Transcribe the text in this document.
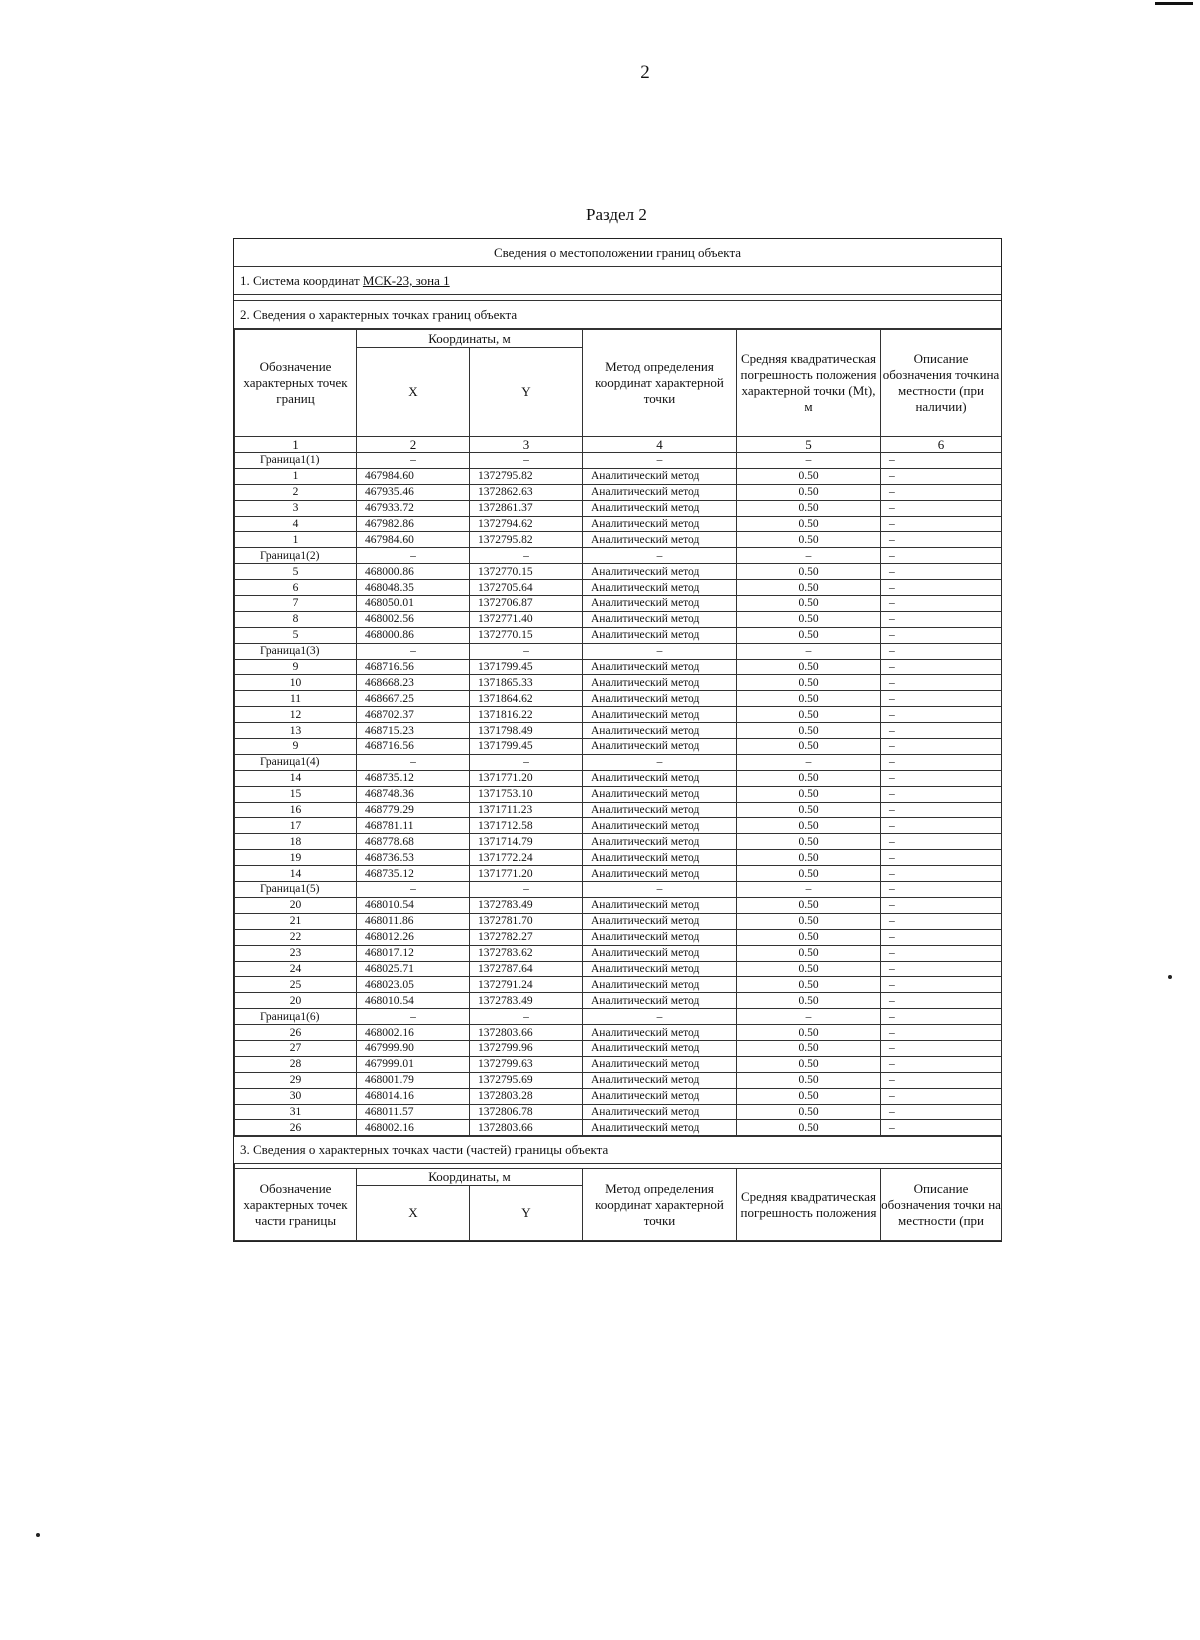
2
Раздел 2
Сведения о местоположении границ объекта
1. Система координат МСК-23, зона 1
2. Сведения о характерных точках границ объекта
Обозначение характерных точек границ	Координаты, м		Метод определения координат характерной точки	Средняя квадратическая погрешность положения характерной точки (Mt), м	Описание обозначения точкина местности (при наличии)
	X	Y			
1	2	3	4	5	6
Граница1(1)	–	–	–	–	–
1	467984.60	1372795.82	Аналитический метод	0.50	–
2	467935.46	1372862.63	Аналитический метод	0.50	–
3	467933.72	1372861.37	Аналитический метод	0.50	–
4	467982.86	1372794.62	Аналитический метод	0.50	–
1	467984.60	1372795.82	Аналитический метод	0.50	–
Граница1(2)	–	–	–	–	–
5	468000.86	1372770.15	Аналитический метод	0.50	–
6	468048.35	1372705.64	Аналитический метод	0.50	–
7	468050.01	1372706.87	Аналитический метод	0.50	–
8	468002.56	1372771.40	Аналитический метод	0.50	–
5	468000.86	1372770.15	Аналитический метод	0.50	–
Граница1(3)	–	–	–	–	–
9	468716.56	1371799.45	Аналитический метод	0.50	–
10	468668.23	1371865.33	Аналитический метод	0.50	–
11	468667.25	1371864.62	Аналитический метод	0.50	–
12	468702.37	1371816.22	Аналитический метод	0.50	–
13	468715.23	1371798.49	Аналитический метод	0.50	–
9	468716.56	1371799.45	Аналитический метод	0.50	–
Граница1(4)	–	–	–	–	–
14	468735.12	1371771.20	Аналитический метод	0.50	–
15	468748.36	1371753.10	Аналитический метод	0.50	–
16	468779.29	1371711.23	Аналитический метод	0.50	–
17	468781.11	1371712.58	Аналитический метод	0.50	–
18	468778.68	1371714.79	Аналитический метод	0.50	–
19	468736.53	1371772.24	Аналитический метод	0.50	–
14	468735.12	1371771.20	Аналитический метод	0.50	–
Граница1(5)	–	–	–	–	–
20	468010.54	1372783.49	Аналитический метод	0.50	–
21	468011.86	1372781.70	Аналитический метод	0.50	–
22	468012.26	1372782.27	Аналитический метод	0.50	–
23	468017.12	1372783.62	Аналитический метод	0.50	–
24	468025.71	1372787.64	Аналитический метод	0.50	–
25	468023.05	1372791.24	Аналитический метод	0.50	–
20	468010.54	1372783.49	Аналитический метод	0.50	–
Граница1(6)	–	–	–	–	–
26	468002.16	1372803.66	Аналитический метод	0.50	–
27	467999.90	1372799.96	Аналитический метод	0.50	–
28	467999.01	1372799.63	Аналитический метод	0.50	–
29	468001.79	1372795.69	Аналитический метод	0.50	–
30	468014.16	1372803.28	Аналитический метод	0.50	–
31	468011.57	1372806.78	Аналитический метод	0.50	–
26	468002.16	1372803.66	Аналитический метод	0.50	–
3. Сведения о характерных точках части (частей) границы объекта

Обозначение характерных точек части границы	Координаты, м		Метод определения координат характерной точки	Средняя квадратическая погрешность положения	Описание обозначения точки на местности (при
	X	Y			
